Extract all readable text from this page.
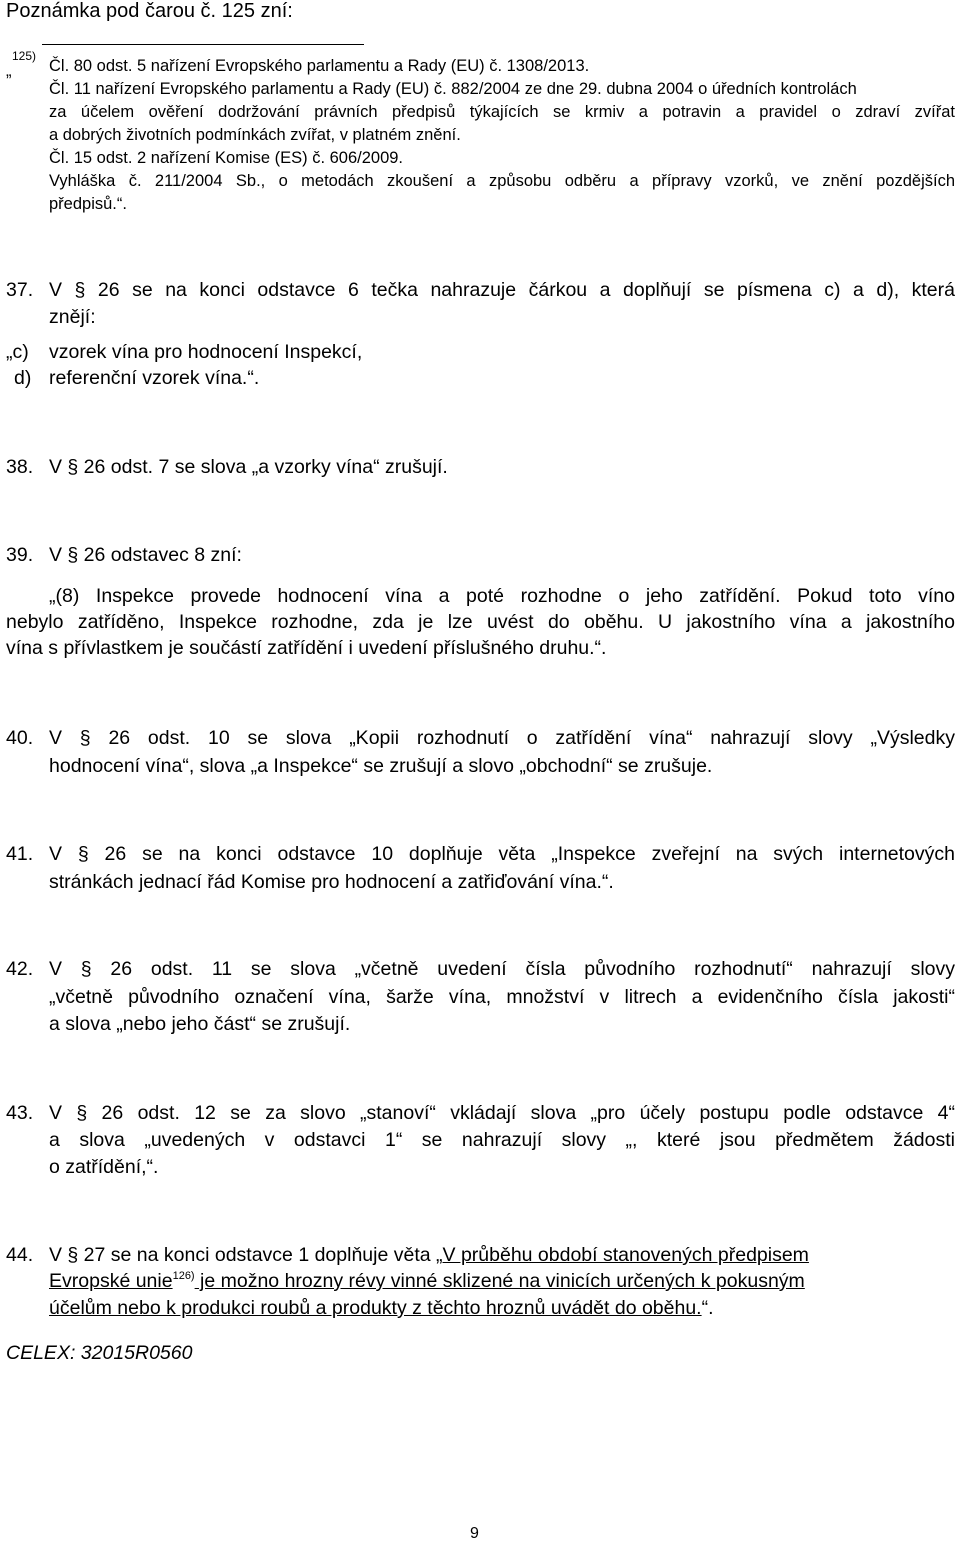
Poznámka pod čarou č. 125 zní:
„
125)
Čl. 80 odst. 5 nařízení Evropského parlamentu a Rady (EU) č. 1308/2013.
Čl. 11 nařízení Evropského parlamentu a Rady (EU) č. 882/2004 ze dne 29. dubna 2004 o úředních kontrolách
za účelem ověření dodržování právních předpisů týkajících se krmiv a potravin a pravidel o zdraví zvířat
a dobrých životních podmínkách zvířat, v platném znění.
Čl. 15 odst. 2 nařízení Komise (ES) č. 606/2009.
Vyhláška č. 211/2004 Sb., o metodách zkoušení a způsobu odběru a přípravy vzorků, ve znění pozdějších
předpisů.“.
37. V § 26 se na konci odstavce 6 tečka nahrazuje čárkou a doplňují se písmena c) a d), která
znějí:
„c) vzorek vína pro hodnocení Inspekcí,
d) referenční vzorek vína.“.
38. V § 26 odst. 7 se slova „a vzorky vína“ zrušují.
39. V § 26 odstavec 8 zní:
„(8) Inspekce provede hodnocení vína a poté rozhodne o jeho zatřídění. Pokud toto víno
nebylo zatříděno, Inspekce rozhodne, zda je lze uvést do oběhu. U jakostního vína a jakostního
vína s přívlastkem je součástí zatřídění i uvedení příslušného druhu.“.
40. V § 26 odst. 10 se slova „Kopii rozhodnutí o zatřídění vína“ nahrazují slovy „Výsledky
hodnocení vína“, slova „a Inspekce“ se zrušují a slovo „obchodní“ se zrušuje.
41. V § 26 se na konci odstavce 10 doplňuje věta „Inspekce zveřejní na svých internetových
stránkách jednací řád Komise pro hodnocení a zatřiďování vína.“.
42. V § 26 odst. 11 se slova „včetně uvedení čísla původního rozhodnutí“ nahrazují slovy
„včetně původního označení vína, šarže vína, množství v litrech a evidenčního čísla jakosti“
a slova „nebo jeho část“ se zrušují.
43. V § 26 odst. 12 se za slovo „stanoví“ vkládají slova „pro účely postupu podle odstavce 4“
a slova „uvedených v odstavci 1“ se nahrazují slovy „, které jsou předmětem žádosti
o zatřídění,“.
44. V § 27 se na konci odstavce 1 doplňuje věta „V průběhu období stanovených předpisem
Evropské unie$^{126)}$ je možno hrozny révy vinné sklizené na vinicích určených k pokusným
účelům nebo k produkci roubů a produkty z těchto hroznů uvádět do oběhu.“.
CELEX: 32015R0560
9
